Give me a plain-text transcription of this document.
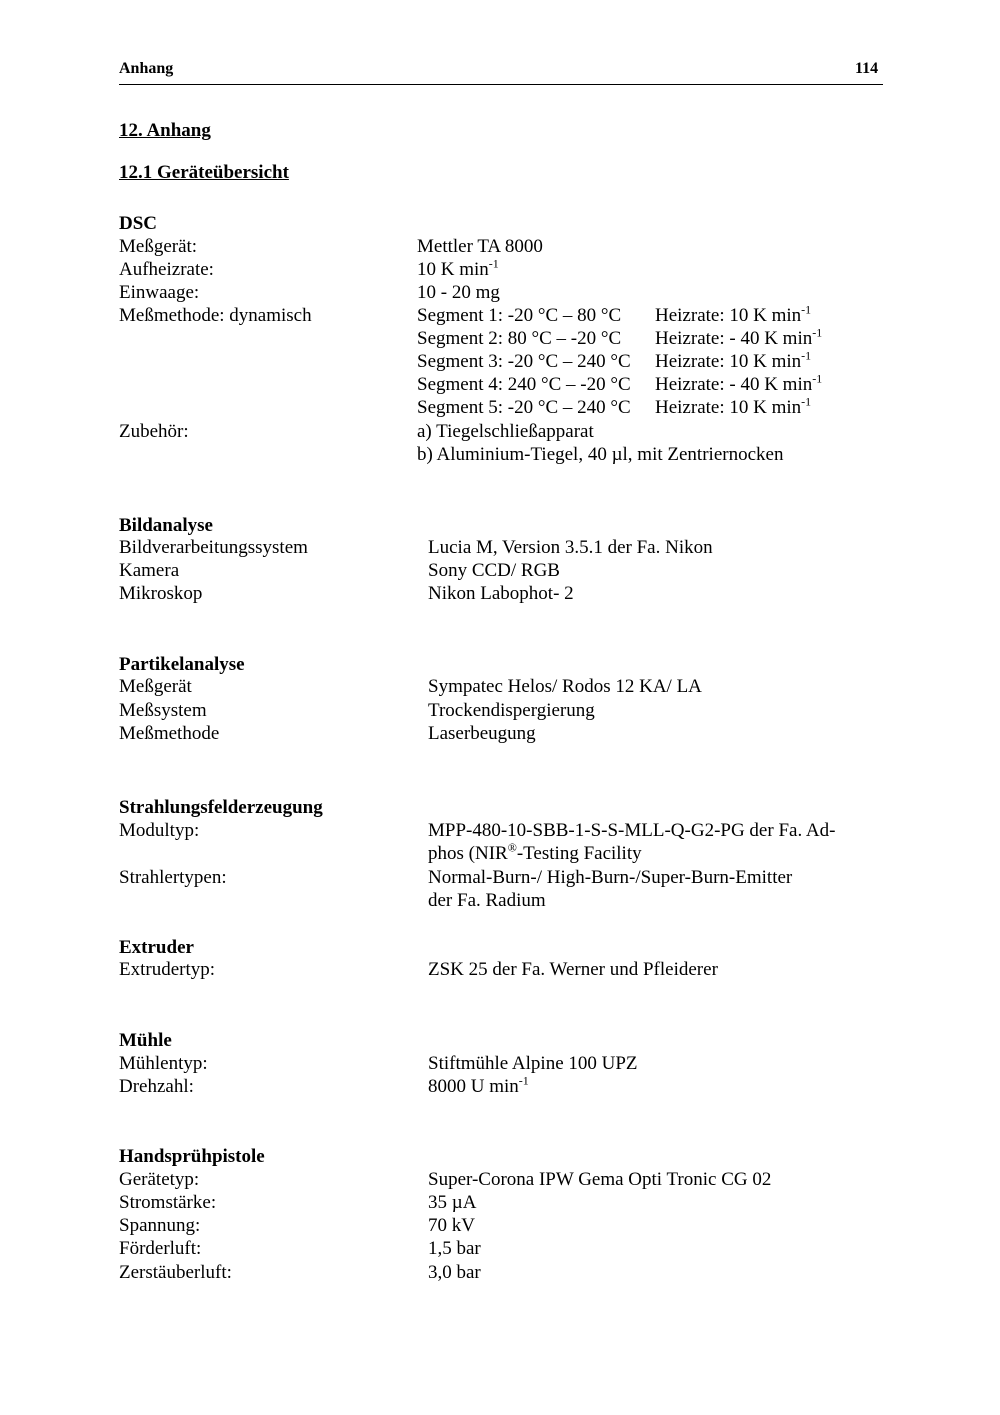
Anhang	114
12. Anhang
12.1 Geräteübersicht
DSC
Meßgerät:	Mettler TA 8000
Aufheizrate:	10 K $\min^{-1}$
Einwaage:	10 - 20 mg
Meßmethode: dynamisch	Segment 1: -20 °C – 80 °C Heizrate: 10 K $\min^{-1}$
Segment 2: 80 °C – -20 °C Heizrate: - 40 K $\min^{-1}$
Segment 3: -20 °C – 240 °C Heizrate: 10 K $\min^{-1}$
Segment 4: 240 °C – -20 °C Heizrate: - 40 K $\min^{-1}$
Segment 5: -20 °C – 240 °C Heizrate: 10 K $\min^{-1}$
Zubehör:	a) Tiegelschließapparat
b) Aluminium-Tiegel, 40 µl, mit Zentriernocken
Bildanalyse
Bildverarbeitungssystem	Lucia M, Version 3.5.1 der Fa. Nikon
Kamera	Sony CCD/ RGB
Mikroskop	Nikon Labophot- 2
Partikelanalyse
Meßgerät	Sympatec Helos/ Rodos 12 KA/ LA
Meßsystem	Trockendispergierung
Meßmethode	Laserbeugung
Strahlungsfelderzeugung
Modultyp:	MPP-480-10-SBB-1-S-S-MLL-Q-G2-PG der Fa. Ad-
phos (NIR®-Testing Facility
Strahlertypen:	Normal-Burn-/ High-Burn-/Super-Burn-Emitter
der Fa. Radium
Extruder
Extrudertyp:	ZSK 25 der Fa. Werner und Pfleiderer
Mühle
Mühlentyp:	Stiftmühle Alpine 100 UPZ
Drehzahl:	8000 U $\min^{-1}$
Handsprühpistole
Gerätetyp:	Super-Corona IPW Gema Opti Tronic CG 02
Stromstärke:	35 µA
Spannung:	70 kV
Förderluft:	1,5 bar
Zerstäuberluft:	3,0 bar
